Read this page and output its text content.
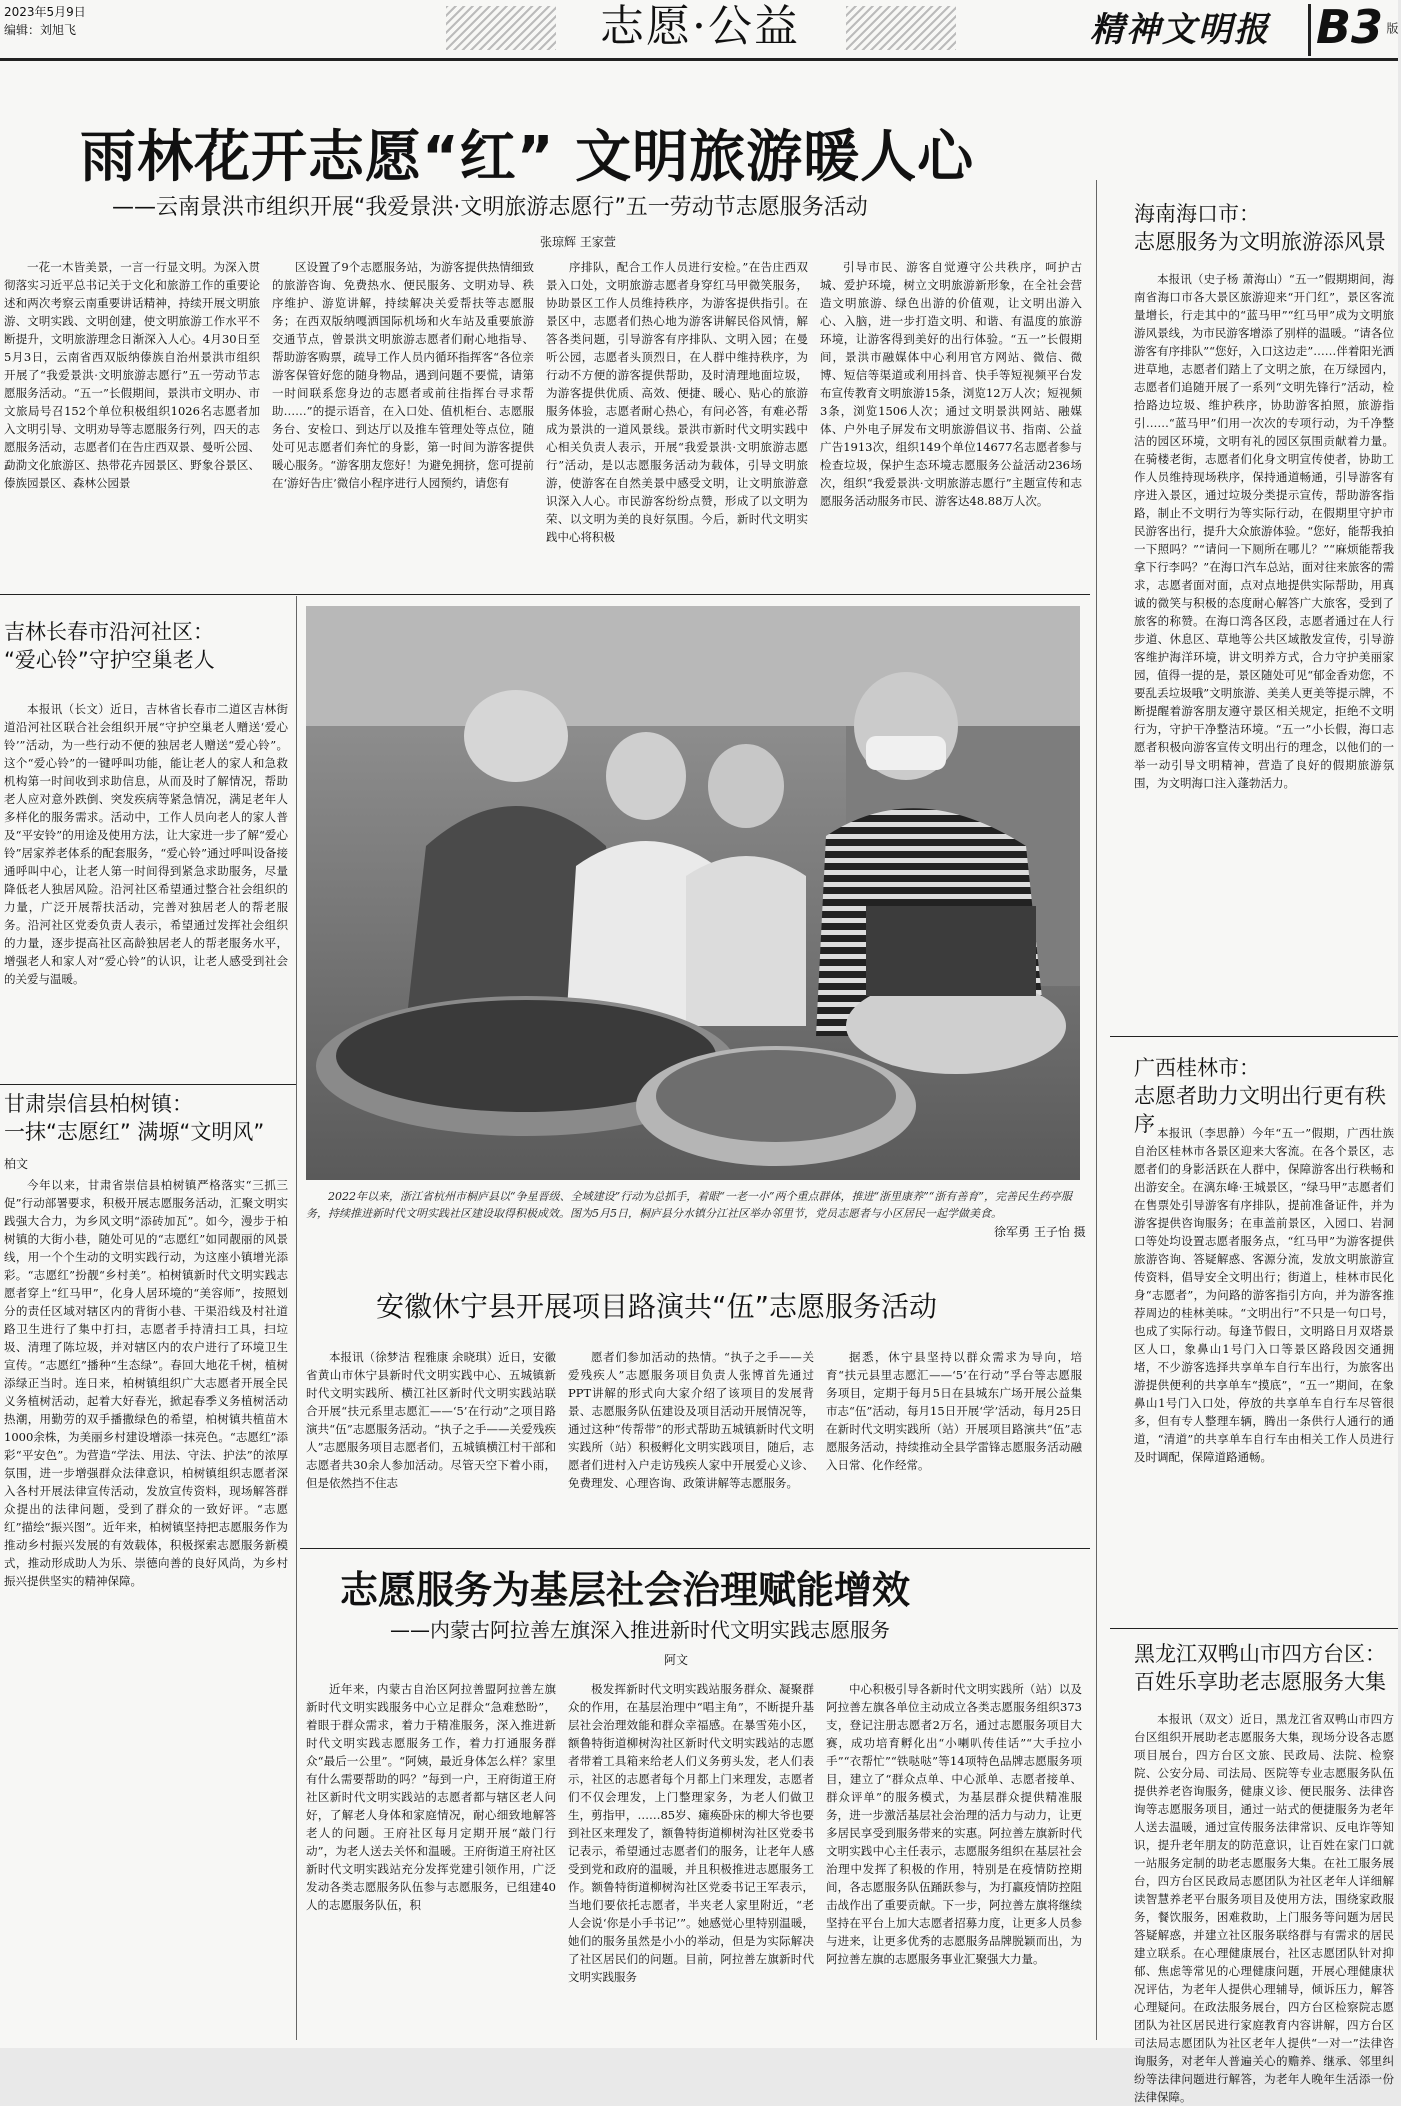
2023年5月9日
编辑：刘旭飞	志愿·公益	精神文明报 B3 版
雨林花开志愿“红” 文明旅游暖人心
——云南景洪市组织开展“我爱景洪·文明旅游志愿行”五一劳动节志愿服务活动
张琼辉 王家萱

一花一木皆美景，一言一行显文明。为深入贯彻落实习近平总书记关于文化和旅游工作的重要论述和两次考察云南重要讲话精神，持续开展文明旅游、文明实践、文明创建，使文明旅游工作水平不断提升，文明旅游理念日渐深入人心。4月30日至5月3日，云南省西双版纳傣族自治州景洪市组织开展了“我爱景洪·文明旅游志愿行”五一劳动节志愿服务活动。“五一”长假期间，景洪市文明办、市文旅局号召152个单位积极组织1026名志愿者加入文明引导、文明劝导等志愿服务行列，四天的志愿服务活动，志愿者们在告庄西双景、曼听公园、勐泐文化旅游区、热带花卉园景区、野象谷景区、傣族园景区、森林公园景

区设置了9个志愿服务站，为游客提供热情细致的旅游咨询、免费热水、便民服务、文明劝导、秩序维护、游览讲解，持续解决关爱帮扶等志愿服务；在西双版纳嘎洒国际机场和火车站及重要旅游交通节点，曾景洪文明旅游志愿者们耐心地指导、帮助游客购票，疏导工作人员内循环指挥客“各位亲游客保管好您的随身物品，遇到问题不要慌，请第一时间联系您身边的志愿者或前往指挥台寻求帮助……”的提示语音，在入口处、值机柜台、志愿服务台、安检口、到达厅以及推车管理处等点位，随处可见志愿者们奔忙的身影，第一时间为游客提供暖心服务。“游客朋友您好！为避免拥挤，您可提前在‘游好告庄’微信小程序进行人园预约，请您有

序排队，配合工作人员进行安检。”在告庄西双景入口处，文明旅游志愿者身穿红马甲微笑服务，协助景区工作人员维持秩序，为游客提供指引。在景区中，志愿者们热心地为游客讲解民俗风情，解答各类问题，引导游客有序排队、文明入园；在曼听公园，志愿者头顶烈日，在人群中维持秩序，为行动不方便的游客提供帮助，及时清理地面垃圾，为游客提供优质、高效、便捷、暖心、贴心的旅游服务体验，志愿者耐心热心，有问必答，有难必帮成为景洪的一道风景线。景洪市新时代文明实践中心相关负责人表示，开展“我爱景洪·文明旅游志愿行”活动，是以志愿服务活动为载体，引导文明旅游，使游客在自然美景中感受文明，让文明旅游意识深入人心。市民游客纷纷点赞，形成了以文明为荣、以文明为美的良好氛围。今后，新时代文明实践中心将积极

引导市民、游客自觉遵守公共秩序，呵护古城、爱护环境，树立文明旅游新形象，在全社会营造文明旅游、绿色出游的价值观，让文明出游入心、入脑，进一步打造文明、和谐、有温度的旅游环境，让游客得到美好的出行体验。“五一”长假期间，景洪市融媒体中心利用官方网站、微信、微博、短信等渠道或利用抖音、快手等短视频平台发布宣传教育文明旅游15条，浏览12万人次；短视频3条，浏览1506人次；通过文明景洪网站、融媒体、户外电子屏发布文明旅游倡议书、指南、公益广告1913次，组织149个单位14677名志愿者参与检查垃圾，保护生态环境志愿服务公益活动236场次，组织“我爱景洪·文明旅游志愿行”主题宣传和志愿服务活动服务市民、游客达48.88万人次。

海南海口市：
志愿服务为文明旅游添风景

本报讯（史子杨 萧海山）“五一”假期期间，海南省海口市各大景区旅游迎来“开门红”，景区客流量增长，行走其中的“蓝马甲”“红马甲”成为文明旅游风景线，为市民游客增添了别样的温暖。“请各位游客有序排队”“您好，入口这边走”……伴着阳光洒进草地，志愿者们踏上了文明之旅，在万绿园内，志愿者们追随开展了一系列“文明先锋行”活动，检拾路边垃圾、维护秩序，协助游客拍照，旅游指引……“蓝马甲”们用一次次的专项行动，为千净整洁的园区环境，文明有礼的园区氛围贡献着力量。在骑楼老街，志愿者们化身文明宣传使者，协助工作人员维持现场秩序，保持通道畅通，引导游客有序进入景区，通过垃圾分类提示宣传，帮助游客指路，制止不文明行为等实际行动，在假期里守护市民游客出行，提升大众旅游体验。“您好，能帮我拍一下照吗？”“请问一下厕所在哪儿？”“麻烦能帮我拿下行李吗？”在海口汽车总站，面对往来旅客的需求，志愿者面对面，点对点地提供实际帮助，用真诚的微笑与积极的态度耐心解答广大旅客，受到了旅客的称赞。在海口湾各区段，志愿者通过在人行步道、休息区、草地等公共区域散发宣传，引导游客维护海洋环境，讲文明养方式，合力守护美丽家园，值得一提的是，景区随处可见“郁金香劝您，不要乱丢垃圾哦”文明旅游、美美人更美等提示牌，不断提醒着游客朋友遵守景区相关规定，拒绝不文明行为，守护干净整洁环境。“五一”小长假，海口志愿者积极向游客宣传文明出行的理念，以他们的一举一动引导文明精神，营造了良好的假期旅游氛围，为文明海口注入蓬勃活力。

广西桂林市：
志愿者助力文明出行更有秩序 本报讯（李思静）今年“五一”假期，广西壮族自治区桂林市各景区迎来大客流。在各个景区，志愿者们的身影活跃在人群中，保障游客出行秩畅和出游安全。在漓东峰·王城景区，“绿马甲”志愿者们在售票处引导游客有序排队，提前准备证件，并为游客提供咨询服务；在車盖前景区，入园口、岩洞口等处均设置志愿者服务点，“红马甲”为游客提供旅游咨询、答疑解惑、客源分流，发放文明旅游宣传资料，倡导安全文明出行；街道上，桂林市民化身“志愿者”，为问路的游客指引方向，并为游客推荐周边的桂林美味。“文明出行”不只是一句口号，也成了实际行动。每逢节假日，文明路日月双塔景区人口，象鼻山1号门入口等景区路段因交通拥堵，不少游客选择共享单车自行车出行，为旅客出游提供便利的共享单车“摸底”，“五一”期间，在象鼻山1号门入口处，停放的共享单车自行车尽管很多，但有专人整理车辆，腾出一条供行人通行的通道，“清道”的共享单车自行车由相关工作人员进行及时调配，保障道路通畅。

黑龙江双鸭山市四方台区：
百姓乐享助老志愿服务大集

本报讯（双文）近日，黑龙江省双鸭山市四方台区组织开展助老志愿服务大集，现场分设各志愿项目展台，四方台区文旅、民政局、法院、检察院、公安分局、司法局、医院等专业志愿服务队伍提供养老咨询服务，健康义诊、便民服务、法律咨询等志愿服务项目，通过一站式的便捷服务为老年人送去温暖，通过宣传服务法律常识、反电诈等知识，提升老年朋友的防范意识，让百姓在家门口就一站服务定制的助老志愿服务大集。在社工服务展台，四方台区民政局志愿团队为社区老年人详细解读智慧养老平台服务项目及使用方法，围绕家政服务，餐饮服务，困难救助，上门服务等问题为居民答疑解惑，并建立社区服务联络群与有需求的居民建立联系。在心理健康展台，社区志愿团队针对抑郁、焦虑等常见的心理健康问题，开展心理健康状况评估，为老年人提供心理辅导，倾诉压力，解答心理疑问。在政法服务展台，四方台区检察院志愿团队为社区居民进行家庭教育内容讲解，四方台区司法局志愿团队为社区老年人提供“一对一”法律咨询服务，对老年人普遍关心的赡养、继承、邻里纠纷等法律问题进行解答，为老年人晚年生活添一份法律保障。

吉林长春市沿河社区：
“爱心铃”守护空巢老人

本报讯（长文）近日，吉林省长春市二道区吉林街道沿河社区联合社会组织开展“守护空巢老人赠送‘爱心铃’”活动，为一些行动不便的独居老人赠送“爱心铃”。这个“爱心铃”的一键呼叫功能，能让老人的家人和急救机构第一时间收到求助信息，从而及时了解情况，帮助老人应对意外跌倒、突发疾病等紧急情况，满足老年人多样化的服务需求。活动中，工作人员向老人的家人普及“平安铃”的用途及使用方法，让大家进一步了解“爱心铃”居家养老体系的配套服务，“爱心铃”通过呼叫设备接通呼叫中心，让老人第一时间得到紧急求助服务，尽量降低老人独居风险。沿河社区希望通过整合社会组织的力量，广泛开展帮扶活动，完善对独居老人的帮老服务。沿河社区党委负责人表示，希望通过发挥社会组织的力量，逐步提高社区高龄独居老人的帮老服务水平，增强老人和家人对“爱心铃”的认识，让老人感受到社会的关爱与温暖。

甘肃崇信县柏树镇：
一抹“志愿红” 满塬“文明风”
柏文

今年以来，甘肃省崇信县柏树镇严格落实“三抓三促”行动部署要求，积极开展志愿服务活动，汇聚文明实践强大合力，为乡风文明“添砖加瓦”。如今，漫步于柏树镇的大街小巷，随处可见的“志愿红”如同靓丽的风景线，用一个个生动的文明实践行动，为这座小镇增光添彩。“志愿红”扮靓“乡村美”。柏树镇新时代文明实践志愿者穿上“红马甲”，化身人居环境的“美容师”，按照划分的责任区域对辖区内的背街小巷、干渠沿线及村社道路卫生进行了集中打扫，志愿者手持清扫工具，扫垃圾、清理了陈垃圾，并对辖区内的农户进行了环境卫生宣传。“志愿红”播种“生态绿”。春回大地花千树，植树添绿正当时。连日来，柏树镇组织广大志愿者开展全民义务植树活动，起着大好春光，掀起春季义务植树活动热潮，用勤劳的双手播撒绿色的希望，柏树镇共植苗木1000余株，为美丽乡村建设增添一抹亮色。“志愿红”添彩“平安色”。为营造“学法、用法、守法、护法”的浓厚氛围，进一步增强群众法律意识，柏树镇组织志愿者深入各村开展法律宣传活动，发放宣传资料，现场解答群众提出的法律问题，受到了群众的一致好评。“志愿红”描绘“振兴图”。近年来，柏树镇坚持把志愿服务作为推动乡村振兴发展的有效载体，积极探索志愿服务新模式，推动形成助人为乐、崇德向善的良好风尚，为乡村振兴提供坚实的精神保障。

2022年以来，浙江省杭州市桐庐县以“争星晋级、全域建设”行动为总抓手，着眼“一老一小”两个重点群体，推进“浙里康养”“浙有善育”，完善民生药亭服务，持续推进新时代文明实践社区建设取得积极成效。图为5月5日，桐庐县分水镇分江社区举办邻里节，党员志愿者与小区居民一起学做美食。
徐军勇 王子怡 摄
安徽休宁县开展项目路演共“伍”志愿服务活动

本报讯（徐梦洁 程雅康 余晓琪）近日，安徽省黄山市休宁县新时代文明实践中心、五城镇新时代文明实践所、横江社区新时代文明实践站联合开展“扶元系里志愿汇——‘5’在行动”之项目路演共“伍”志愿服务活动。“执子之手——关爱残疾人”志愿服务项目志愿者们，五城镇横江村干部和志愿者共30余人参加活动。尽管天空下着小雨，但是依然挡不住志

愿者们参加活动的热情。“执子之手——关爱残疾人”志愿服务项目负责人张博首先通过PPT讲解的形式向大家介绍了该项目的发展背景、志愿服务队伍建设及项目活动开展情况等，通过这种“传帮带”的形式帮助五城镇新时代文明实践所（站）积极孵化文明实践项目，随后，志愿者们进村入户走访残疾人家中开展爱心义诊、免费理发、心理咨询、政策讲解等志愿服务。

据悉，休宁县坚持以群众需求为导向，培育“扶元县里志愿汇——‘5’在行动”孚台等志愿服务项目，定期于每月5日在县城东广场开展公益集市志“伍”活动，每月15日开展‘学’活动，每月25日在新时代文明实践所（站）开展项目路演共“伍”志愿服务活动，持续推动全县学雷锋志愿服务活动融入日常、化作经常。

志愿服务为基层社会治理赋能增效
——内蒙古阿拉善左旗深入推进新时代文明实践志愿服务
阿文

近年来，内蒙古自治区阿拉善盟阿拉善左旗新时代文明实践服务中心立足群众“急难愁盼”，着眼于群众需求，着力于精准服务，深入推进新时代文明实践志愿服务工作，着力打通服务群众“最后一公里”。“阿姨，最近身体怎么样？家里有什么需要帮助的吗？”每到一户，王府街道王府社区新时代文明实践站的志愿者都与辖区老人问好，了解老人身体和家庭情况，耐心细致地解答老人的问题。王府社区每月定期开展“敲门行动”，为老人送去关怀和温暖。王府街道王府社区新时代文明实践站充分发挥党建引领作用，广泛发动各类志愿服务队伍参与志愿服务，已组建40人的志愿服务队伍，积

极发挥新时代文明实践站服务群众、凝聚群众的作用，在基层治理中“唱主角”，不断提升基层社会治理效能和群众幸福感。在暴雪苑小区，额鲁特街道柳树沟社区新时代文明实践站的志愿者带着工具箱来给老人们义务剪头发，老人们表示，社区的志愿者每个月都上门来理发，志愿者们不仅会理发，上门整理家务，为老人们做卫生，剪指甲，……85岁、瘫痪卧床的柳大爷也要到社区来理发了，额鲁特街道柳树沟社区党委书记表示，希望通过志愿者们的服务，让老年人感受到党和政府的温暖，并且积极推进志愿服务工作。额鲁特街道柳树沟社区党委书记王军表示，当地们要依托志愿者，半夹老人家里附近，“老人会说‘你是小手书记’”。她感觉心里特别温暖，她们的服务虽然是小小的举动，但是为实际解决了社区居民们的问题。目前，阿拉善左旗新时代文明实践服务

中心积极引导各新时代文明实践所（站）以及阿拉善左旗各单位主动成立各类志愿服务组织373支，登记注册志愿者2万名，通过志愿服务项目大赛，成功培育孵化出“小喇叭传佳话”“大手拉小手”“衣帮忙”“铁哒哒”等14项特色品牌志愿服务项目，建立了“群众点单、中心派单、志愿者接单、群众评单”的服务模式，为基层群众提供精准服务，进一步激活基层社会治理的活力与动力，让更多居民享受到服务带来的实惠。阿拉善左旗新时代文明实践中心主任表示，志愿服务组织在基层社会治理中发挥了积极的作用，特别是在疫情防控期间，各志愿服务队伍踊跃参与，为打赢疫情防控阻击战作出了重要贡献。下一步，阿拉善左旗将继续坚持在平台上加大志愿者招募力度，让更多人员参与进来，让更多优秀的志愿服务品牌脱颖而出，为阿拉善左旗的志愿服务事业汇聚强大力量。
